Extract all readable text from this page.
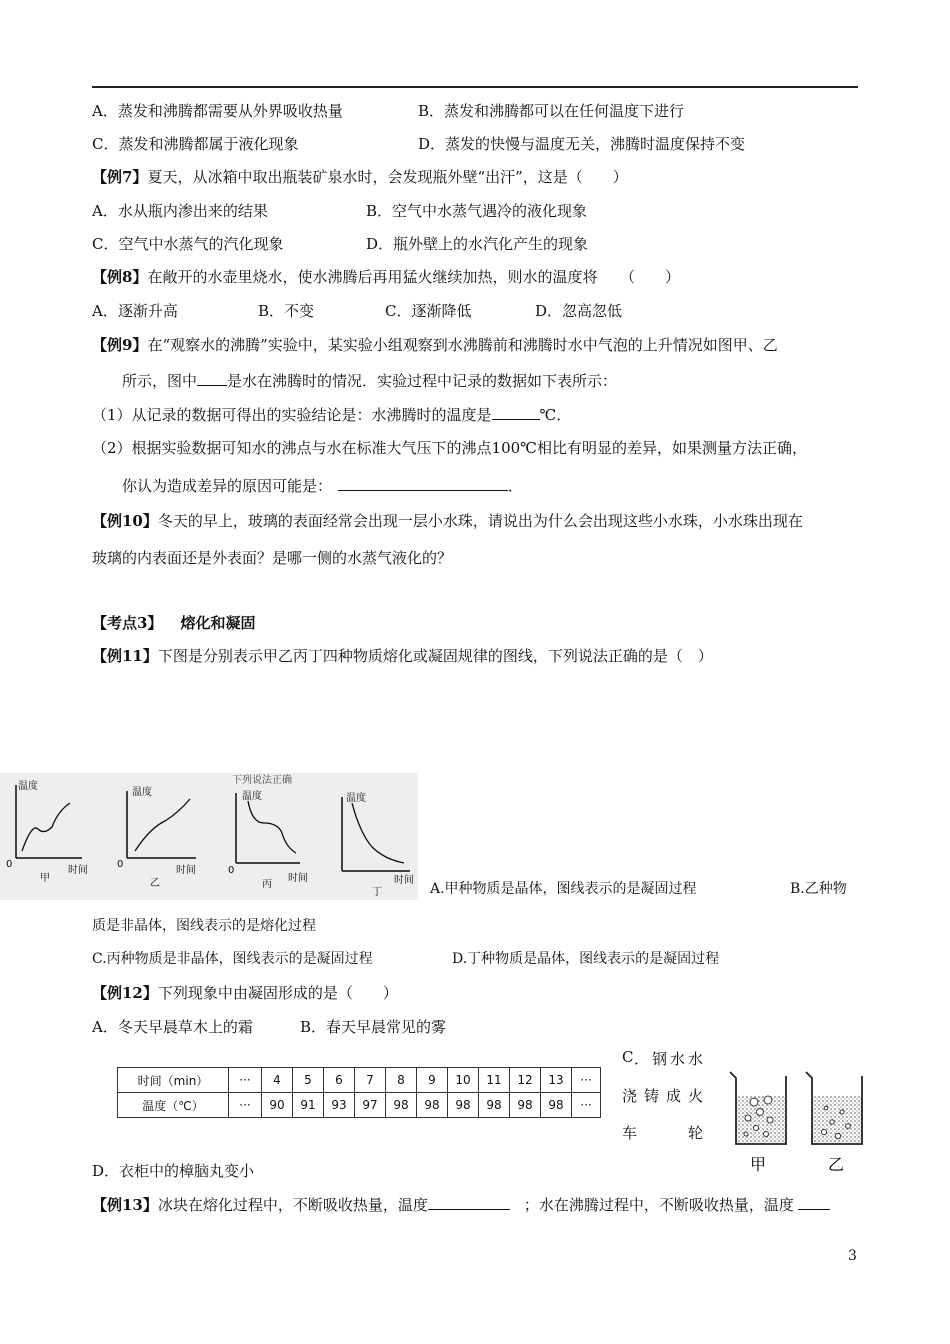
A．蒸发和沸腾都需要从外界吸收热量	B．蒸发和沸腾都可以在任何温度下进行
C．蒸发和沸腾都属于液化现象	D．蒸发的快慢与温度无关，沸腾时温度保持不变
【例7】夏天，从冰箱中取出瓶装矿泉水时，会发现瓶外壁“出汗”，这是（　　）
A．水从瓶内渗出来的结果	B．空气中水蒸气遇冷的液化现象
C．空气中水蒸气的汽化现象	D．瓶外壁上的水汽化产生的现象
【例8】在敞开的水壶里烧水，使水沸腾后再用猛火继续加热，则水的温度将　　（　　）
A．逐渐升高	B．不变	C．逐渐降低	D．忽高忽低
【例9】在“观察水的沸腾”实验中，某实验小组观察到水沸腾前和沸腾时水中气泡的上升情况如图甲、乙
所示，图中 是水在沸腾时的情况．实验过程中记录的数据如下表所示：
（1）从记录的数据可得出的实验结论是：水沸腾时的温度是	℃．
（2）根据实验数据可知水的沸点与水在标准大气压下的沸点100℃相比有明显的差异，如果测量方法正确，
你认为造成差异的原因可能是：	．
【例10】冬天的早上，玻璃的表面经常会出现一层小水珠，请说出为什么会出现这些小水珠，小水珠出现在
玻璃的内表面还是外表面？是哪一侧的水蒸气液化的？
【考点3】 熔化和凝固
【例11】下图是分别表示甲乙丙丁四种物质熔化或凝固规律的图线，下列说法正确的是（　）
下列说法正确
温度
0
时间
甲
温度
0
时间
乙
温度
0
时间
丙
温度
时间
丁	A.甲种物质是晶体，图线表示的是凝固过程	B.乙种物
质是非晶体，图线表示的是熔化过程
C.丙种物质是非晶体，图线表示的是凝固过程	D.丁种物质是晶体，图线表示的是凝固过程
【例12】下列现象中由凝固形成的是（　　）
A．冬天早晨草木上的霜	B．春天早晨常见的雾
C ． 钢 水 水
浇 铸 成 火
车	轮
时间（min）	···	4	5	6	7	8	9	10	11	12	13	···
温度（℃）	···	90	91	93	97	98	98	98	98	98	98	···
甲	乙
D．衣柜中的樟脑丸变小
【例13】冰块在熔化过程中，不断吸收热量，温度	；水在沸腾过程中，不断吸收热量，温度
3
